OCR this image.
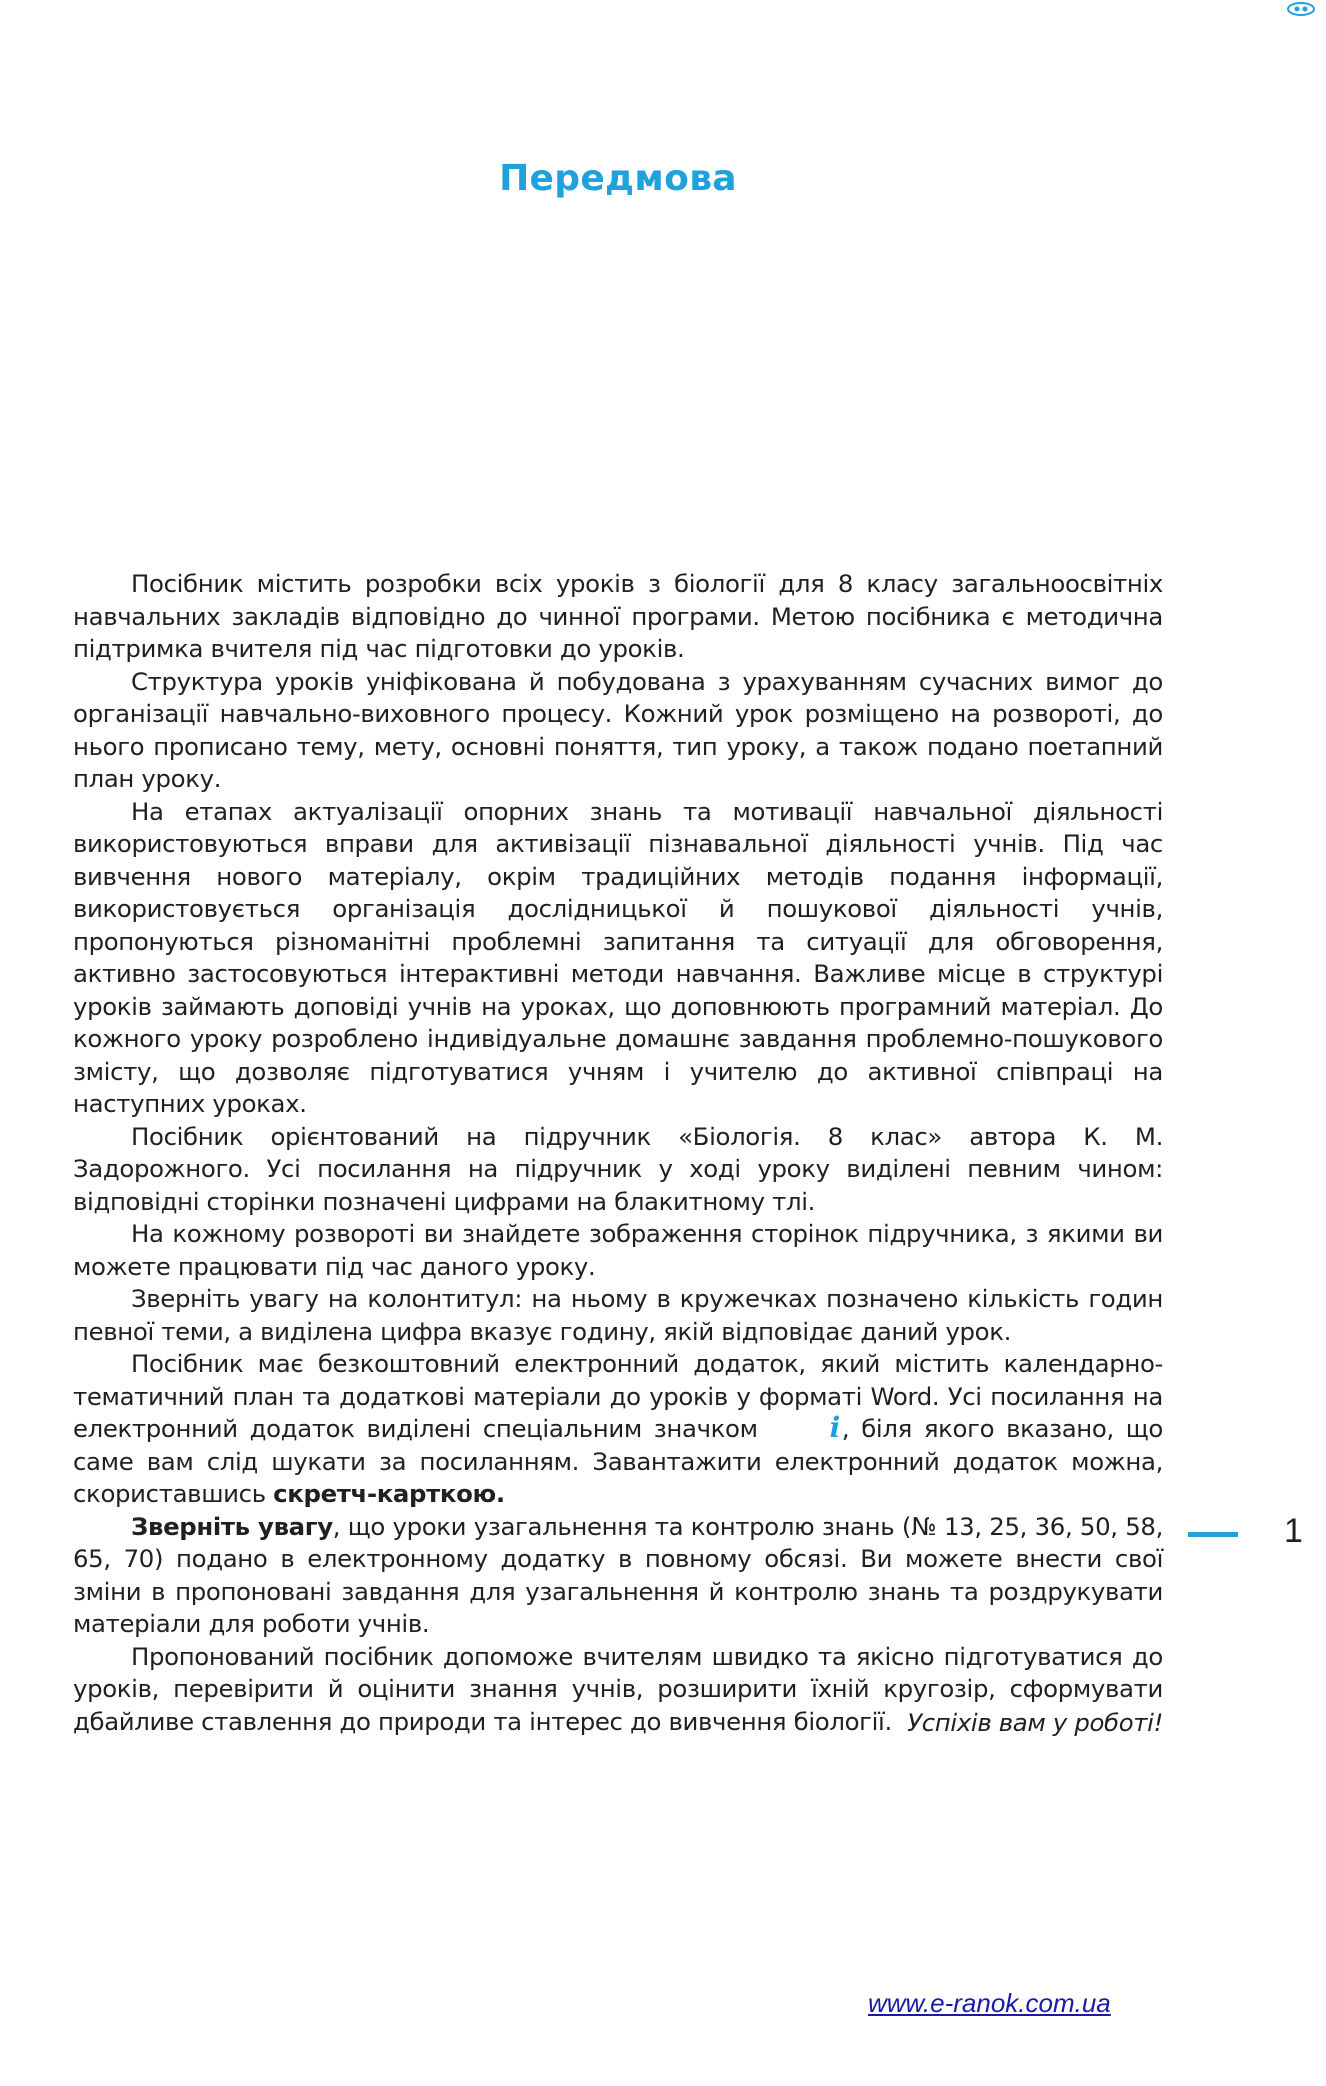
Передмова

Посібник містить розробки всіх уроків з біології для 8 класу загальноосвітніх навчальних закладів відповідно до чинної програми. Метою посібника є методична підтримка вчителя під час підготовки до уроків.

Структура уроків уніфікована й побудована з урахуванням сучасних вимог до організації навчально-виховного процесу. Кожний урок розміщено на розвороті, до нього прописано тему, мету, основні поняття, тип уроку, а також подано поетапний план уроку.

На етапах актуалізації опорних знань та мотивації навчальної діяльності використовуються вправи для активізації пізнавальної діяльності учнів. Під час вивчення нового матеріалу, окрім традиційних методів подання інформації, використовується організація дослідницької й пошукової діяльності учнів, пропонуються різноманітні проблемні запитання та ситуації для обговорення, активно застосовуються інтерактивні методи навчання. Важливе місце в структурі уроків займають доповіді учнів на уроках, що доповнюють програмний матеріал. До кожного уроку розроблено індивідуальне домашнє завдання проблемно-пошукового змісту, що дозволяє підготуватися учням і учителю до активної співпраці на наступних уроках.

Посібник орієнтований на підручник «Біологія. 8 клас» автора К. М. Задорожного. Усі посилання на підручник у ході уроку виділені певним чином: відповідні сторінки позначені цифрами на блакитному тлі.

На кожному розвороті ви знайдете зображення сторінок підручника, з якими ви можете працювати під час даного уроку.

Зверніть увагу на колонтитул: на ньому в кружечках позначено кількість годин певної теми, а виділена цифра вказує годину, якій відповідає даний урок.

Посібник має безкоштовний електронний додаток, який містить календарно-тематичний план та додаткові матеріали до уроків у форматі Word. Усі посилання на електронний додаток виділені спеціальним значком	i, біля якого вказано, що саме вам слід шукати за посиланням. Завантажити електронний додаток можна, скориставшись скретч-карткою.

Зверніть увагу, що уроки узагальнення та контролю знань (№ 13, 25, 36, 50, 58, 65, 70) подано в електронному додатку в повному обсязі. Ви можете внести свої зміни в пропоновані завдання для узагальнення й контролю знань та роздрукувати матеріали для роботи учнів.

Пропонований посібник допоможе вчителям швидко та якісно підготуватися до уроків, перевірити й оцінити знання учнів, розширити їхній кругозір, сформувати дбайливе ставлення до природи та інтерес до вивчення біології. Успіхів вам у роботі!
1
www.e-ranok.com.ua
